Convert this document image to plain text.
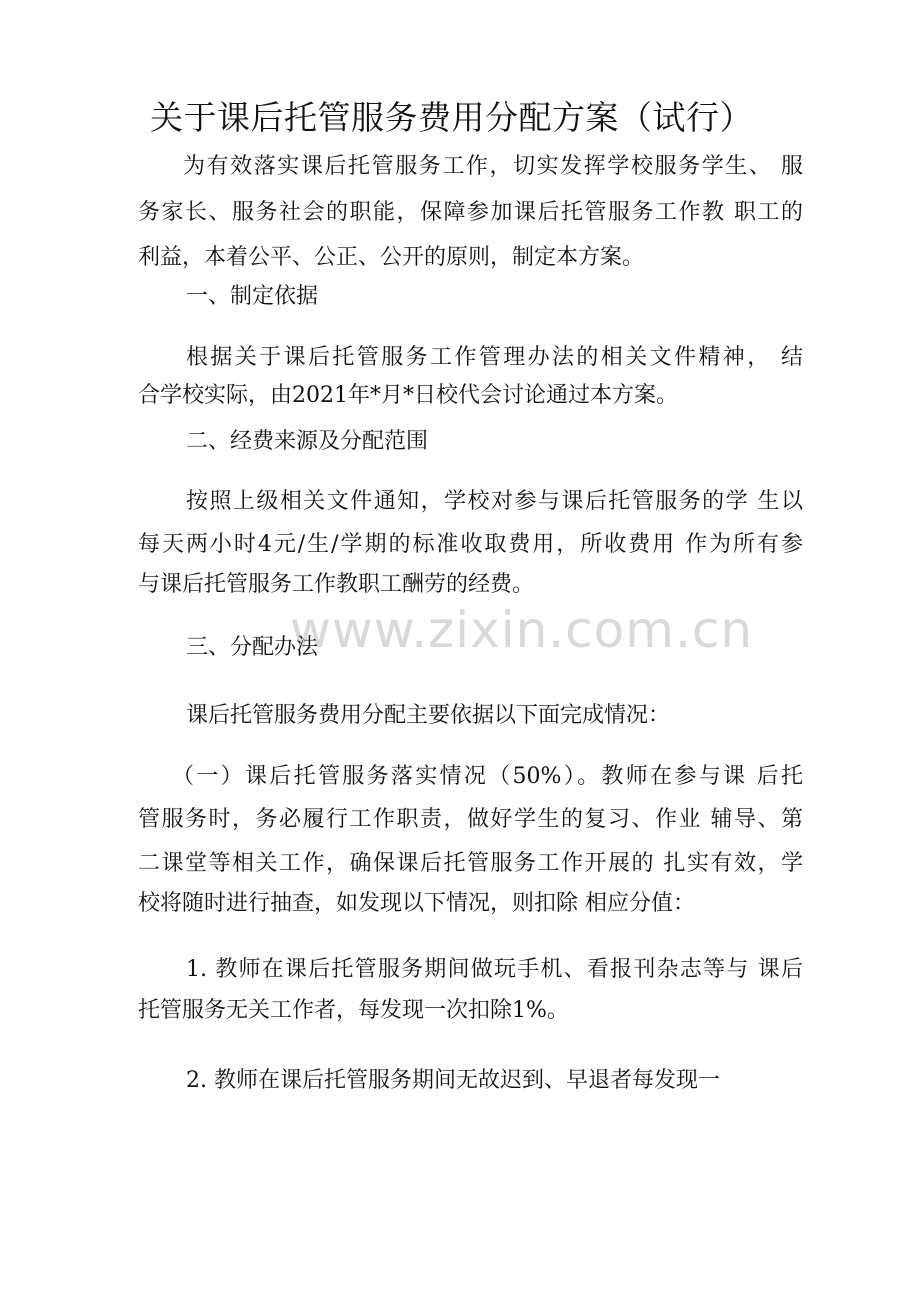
关于课后托管服务费用分配方案（试行）
为有效落实课后托管服务工作，切实发挥学校服务学生、 服
务家长、服务社会的职能，保障参加课后托管服务工作教 职工的
利益，本着公平、公正、公开的原则，制定本方案。
一、制定依据
根据关于课后托管服务工作管理办法的相关文件精神， 结
合学校实际，由2021年*月*日校代会讨论通过本方案。
二、经费来源及分配范围
按照上级相关文件通知，学校对参与课后托管服务的学 生以
每天两小时4元/生/学期的标准收取费用，所收费用 作为所有参
与课后托管服务工作教职工酬劳的经费。
www.zixin.com.cn
三、分配办法
课后托管服务费用分配主要依据以下面完成情况：
（一）课后托管服务落实情况（50%）。教师在参与课 后托
管服务时，务必履行工作职责，做好学生的复习、作业 辅导、第
二课堂等相关工作，确保课后托管服务工作开展的 扎实有效，学
校将随时进行抽查，如发现以下情况，则扣除 相应分值：
1. 教师在课后托管服务期间做玩手机、看报刊杂志等与 课后
托管服务无关工作者，每发现一次扣除1%。
2. 教师在课后托管服务期间无故迟到、早退者每发现一
